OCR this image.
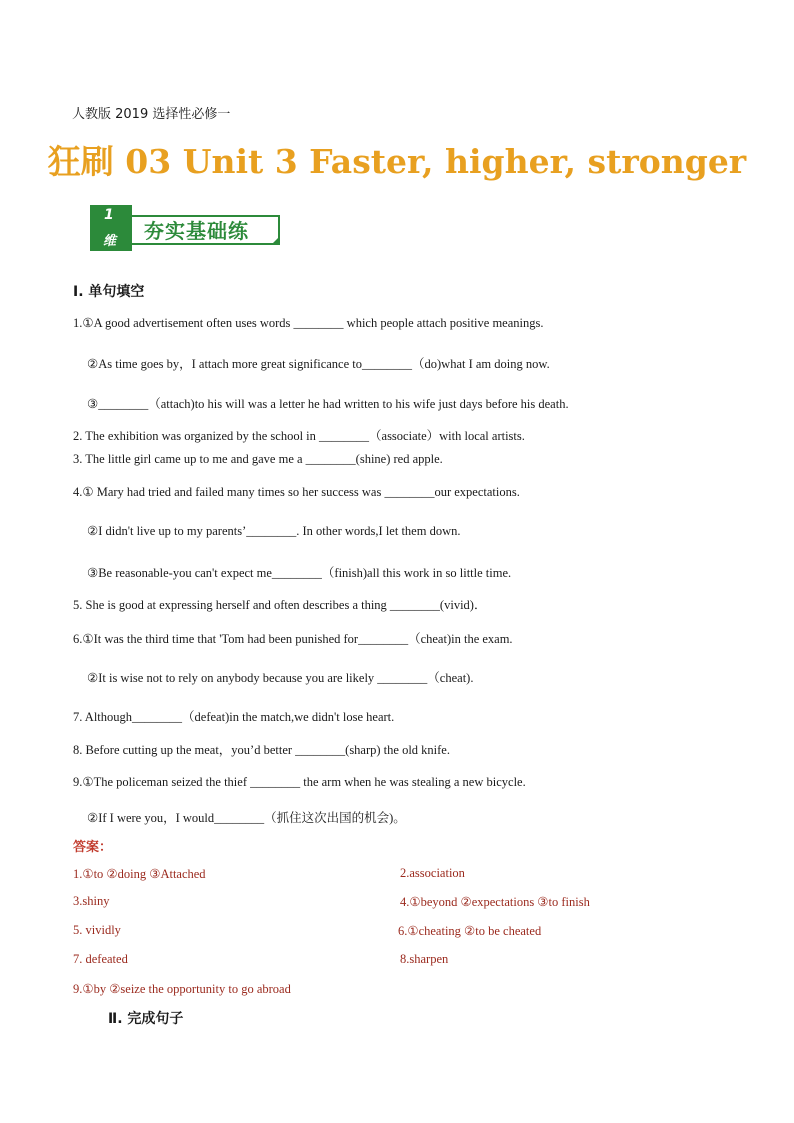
人教版 2019 选择性必修一
狂刷 03 Unit 3 Faster, higher, stronger
1
维 夯实基础练
I. 单句填空
1.①A good advertisement often uses words ________ which people attach positive meanings.
②As time goes by，I attach more great significance to________（do)what I am doing now.
③________（attach)to his will was a letter he had written to his wife just days before his death.
2. The exhibition was organized by the school in ________（associate）with local artists.
3. The little girl came up to me and gave me a ________(shine) red apple.
4.① Mary had tried and failed many times so her success was ________our expectations.
②I didn't live up to my parents’________. In other words,I let them down.
③Be reasonable-you can't expect me________（finish)all this work in so little time.
5. She is good at expressing herself and often describes a thing ________(vivid)．
6.①It was the third time that 'Tom had been punished for________（cheat)in the exam.
②It is wise not to rely on anybody because you are likely ________（cheat).
7. Although________（defeat)in the match,we didn't lose heart.
8. Before cutting up the meat，you’d better ________(sharp) the old knife.
9.①The policeman seized the thief ________ the arm when he was stealing a new bicycle.
②If I were you，I would________（抓住这次出国的机会)。
答案：
1.①to ②doing ③Attached	2.association
3.shiny	4.①beyond ②expectations ③to finish
5. vividly	6.①cheating ②to be cheated
7. defeated	8.sharpen
9.①by ②seize the opportunity to go abroad
Ⅱ. 完成句子
